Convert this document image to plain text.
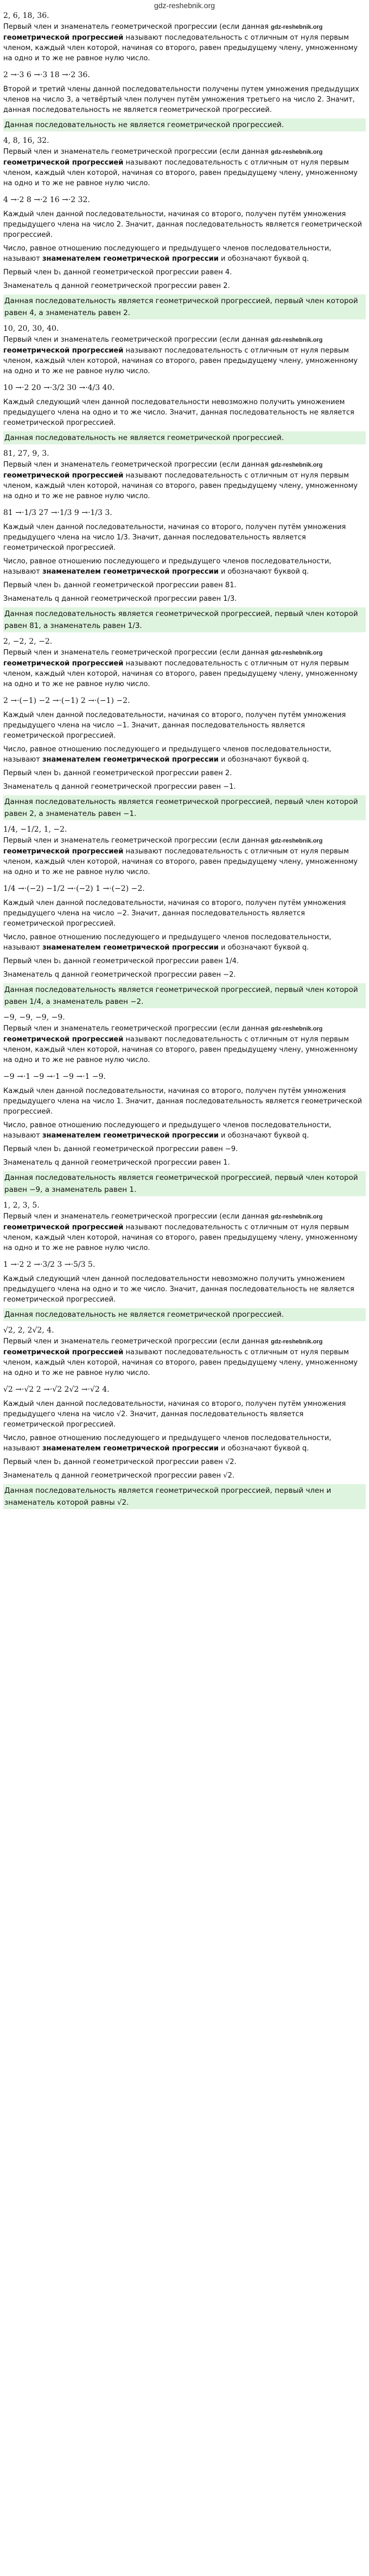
gdz-reshebnik.org
2, 6, 18, 36.
Первый член и знаменатель геометрической прогрессии (если данная gdz-reshebnik.org
геометрической прогрессией называют последовательность с отличным от нуля первым членом, каждый член которой, начиная со второго, равен предыдущему члену, умноженному на одно и то же не равное нулю число.
2 →·3 6 →·3 18 →·2 36.
Второй и третий члены данной последовательности получены путем умножения предыдущих членов на число 3, а четвёртый член получен путём умножения третьего на число 2. Значит, данная последовательность не является геометрической прогрессией.
Данная последовательность не является геометрической прогрессией.
4, 8, 16, 32.
Первый член и знаменатель геометрической прогрессии (если данная gdz-reshebnik.org
геометрической прогрессией называют последовательность с отличным от нуля первым членом, каждый член которой, начиная со второго, равен предыдущему члену, умноженному на одно и то же не равное нулю число.
4 →·2 8 →·2 16 →·2 32.
Каждый член данной последовательности, начиная со второго, получен путём умножения предыдущего члена на число 2. Значит, данная последовательность является геометрической прогрессией.
Число, равное отношению последующего и предыдущего членов последовательности, называют знаменателем геометрической прогрессии и обозначают буквой q.
Первый член b₁ данной геометрической прогрессии равен 4.
Знаменатель q данной геометрической прогрессии равен 2.
Данная последовательность является геометрической прогрессией, первый член которой равен 4, а знаменатель равен 2.
10, 20, 30, 40.
Первый член и знаменатель геометрической прогрессии (если данная gdz-reshebnik.org
геометрической прогрессией называют последовательность с отличным от нуля первым членом, каждый член которой, начиная со второго, равен предыдущему члену, умноженному на одно и то же не равное нулю число.
10 →·2 20 →·3/2 30 →·4/3 40.
Каждый следующий член данной последовательности невозможно получить умножением предыдущего члена на одно и то же число. Значит, данная последовательность не является геометрической прогрессией.
Данная последовательность не является геометрической прогрессией.
81, 27, 9, 3.
Первый член и знаменатель геометрической прогрессии (если данная gdz-reshebnik.org
геометрической прогрессией называют последовательность с отличным от нуля первым членом, каждый член которой, начиная со второго, равен предыдущему члену, умноженному на одно и то же не равное нулю число.
81 →·1/3 27 →·1/3 9 →·1/3 3.
Каждый член данной последовательности, начиная со второго, получен путём умножения предыдущего члена на число 1/3. Значит, данная последовательность является геометрической прогрессией.
Число, равное отношению последующего и предыдущего членов последовательности, называют знаменателем геометрической прогрессии и обозначают буквой q.
Первый член b₁ данной геометрической прогрессии равен 81.
Знаменатель q данной геометрической прогрессии равен 1/3.
Данная последовательность является геометрической прогрессией, первый член которой равен 81, а знаменатель равен 1/3.
2, −2, 2, −2.
Первый член и знаменатель геометрической прогрессии (если данная gdz-reshebnik.org
геометрической прогрессией называют последовательность с отличным от нуля первым членом, каждый член которой, начиная со второго, равен предыдущему члену, умноженному на одно и то же не равное нулю число.
2 →·(−1) −2 →·(−1) 2 →·(−1) −2.
Каждый член данной последовательности, начиная со второго, получен путём умножения предыдущего члена на число −1. Значит, данная последовательность является геометрической прогрессией.
Число, равное отношению последующего и предыдущего членов последовательности, называют знаменателем геометрической прогрессии и обозначают буквой q.
Первый член b₁ данной геометрической прогрессии равен 2.
Знаменатель q данной геометрической прогрессии равен −1.
Данная последовательность является геометрической прогрессией, первый член которой равен 2, а знаменатель равен −1.
1/4, −1/2, 1, −2.
Первый член и знаменатель геометрической прогрессии (если данная gdz-reshebnik.org
геометрической прогрессией называют последовательность с отличным от нуля первым членом, каждый член которой, начиная со второго, равен предыдущему члену, умноженному на одно и то же не равное нулю число.
1/4 →·(−2) −1/2 →·(−2) 1 →·(−2) −2.
Каждый член данной последовательности, начиная со второго, получен путём умножения предыдущего члена на число −2. Значит, данная последовательность является геометрической прогрессией.
Число, равное отношению последующего и предыдущего членов последовательности, называют знаменателем геометрической прогрессии и обозначают буквой q.
Первый член b₁ данной геометрической прогрессии равен 1/4.
Знаменатель q данной геометрической прогрессии равен −2.
Данная последовательность является геометрической прогрессией, первый член которой равен 1/4, а знаменатель равен −2.
−9, −9, −9, −9.
Первый член и знаменатель геометрической прогрессии (если данная gdz-reshebnik.org
геометрической прогрессией называют последовательность с отличным от нуля первым членом, каждый член которой, начиная со второго, равен предыдущему члену, умноженному на одно и то же не равное нулю число.
−9 →·1 −9 →·1 −9 →·1 −9.
Каждый член данной последовательности, начиная со второго, получен путём умножения предыдущего члена на число 1. Значит, данная последовательность является геометрической прогрессией.
Число, равное отношению последующего и предыдущего членов последовательности, называют знаменателем геометрической прогрессии и обозначают буквой q.
Первый член b₁ данной геометрической прогрессии равен −9.
Знаменатель q данной геометрической прогрессии равен 1.
Данная последовательность является геометрической прогрессией, первый член которой равен −9, а знаменатель равен 1.
1, 2, 3, 5.
Первый член и знаменатель геометрической прогрессии (если данная gdz-reshebnik.org
геометрической прогрессией называют последовательность с отличным от нуля первым членом, каждый член которой, начиная со второго, равен предыдущему члену, умноженному на одно и то же не равное нулю число.
1 →·2 2 →·3/2 3 →·5/3 5.
Каждый следующий член данной последовательности невозможно получить умножением предыдущего члена на одно и то же число. Значит, данная последовательность не является геометрической прогрессией.
Данная последовательность не является геометрической прогрессией.
√2, 2, 2√2, 4.
Первый член и знаменатель геометрической прогрессии (если данная gdz-reshebnik.org
геометрической прогрессией называют последовательность с отличным от нуля первым членом, каждый член которой, начиная со второго, равен предыдущему члену, умноженному на одно и то же не равное нулю число.
√2 →·√2 2 →·√2 2√2 →·√2 4.
Каждый член данной последовательности, начиная со второго, получен путём умножения предыдущего члена на число √2. Значит, данная последовательность является геометрической прогрессией.
Число, равное отношению последующего и предыдущего членов последовательности, называют знаменателем геометрической прогрессии и обозначают буквой q.
Первый член b₁ данной геометрической прогрессии равен √2.
Знаменатель q данной геометрической прогрессии равен √2.
Данная последовательность является геометрической прогрессией, первый член и знаменатель которой равны √2.
